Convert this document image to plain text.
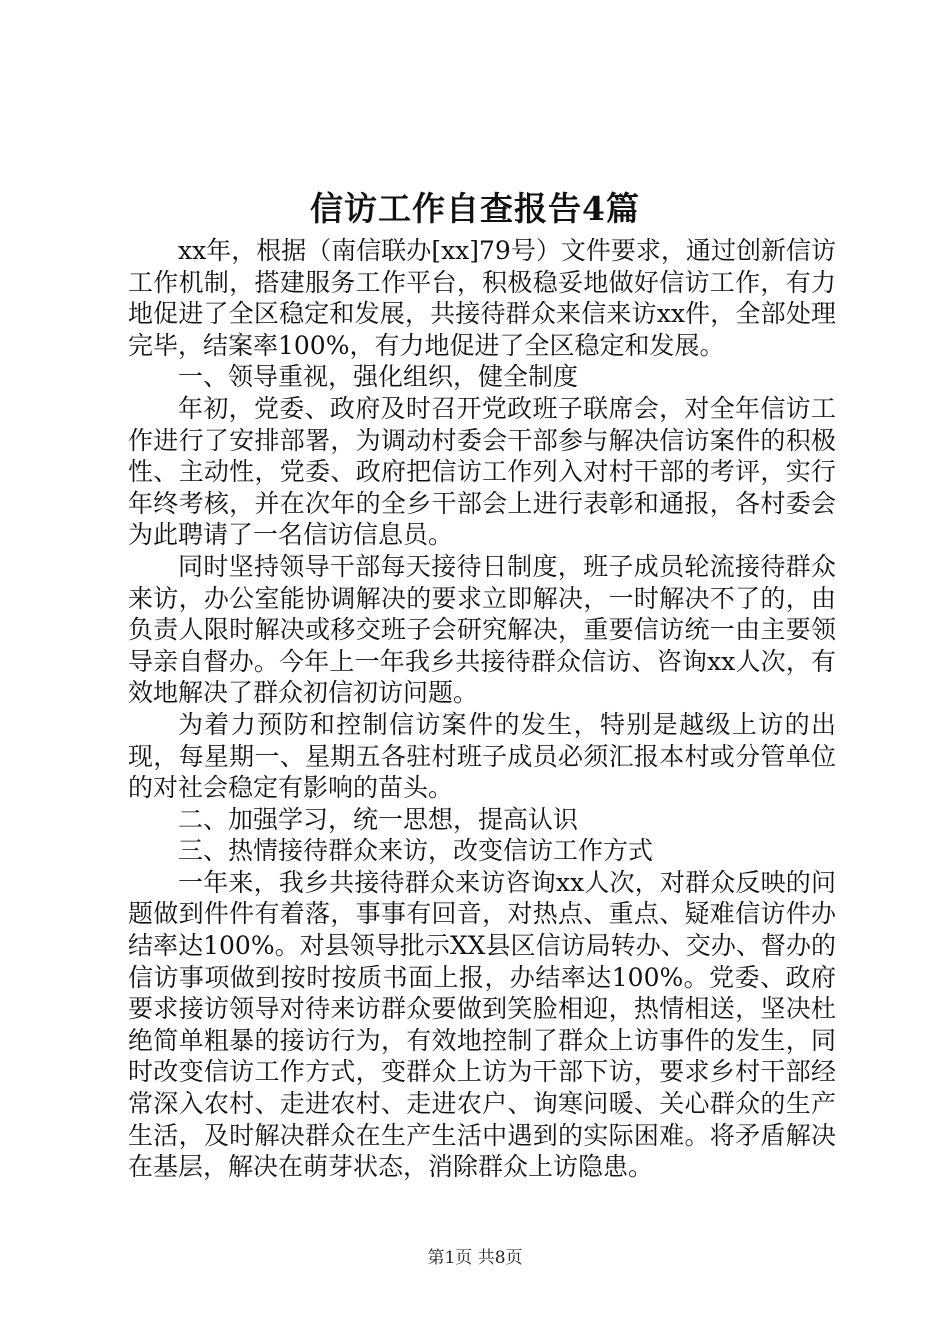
信访工作自查报告4篇

xx年，根据（南信联办[xx]79号）文件要求，通过创新信访工作机制，搭建服务工作平台，积极稳妥地做好信访工作，有力地促进了全区稳定和发展，共接待群众来信来访xx件，全部处理完毕，结案率100%，有力地促进了全区稳定和发展。

一、领导重视，强化组织，健全制度

年初，党委、政府及时召开党政班子联席会，对全年信访工作进行了安排部署，为调动村委会干部参与解决信访案件的积极性、主动性，党委、政府把信访工作列入对村干部的考评，实行年终考核，并在次年的全乡干部会上进行表彰和通报，各村委会为此聘请了一名信访信息员。

同时坚持领导干部每天接待日制度，班子成员轮流接待群众来访，办公室能协调解决的要求立即解决，一时解决不了的，由负责人限时解决或移交班子会研究解决，重要信访统一由主要领导亲自督办。今年上一年我乡共接待群众信访、咨询xx人次，有效地解决了群众初信初访问题。

为着力预防和控制信访案件的发生，特别是越级上访的出现，每星期一、星期五各驻村班子成员必须汇报本村或分管单位的对社会稳定有影响的苗头。

二、加强学习，统一思想，提高认识

三、热情接待群众来访，改变信访工作方式

一年来，我乡共接待群众来访咨询xx人次，对群众反映的问题做到件件有着落，事事有回音，对热点、重点、疑难信访件办结率达100%。对县领导批示XX县区信访局转办、交办、督办的信访事项做到按时按质书面上报，办结率达100%。党委、政府要求接访领导对待来访群众要做到笑脸相迎，热情相送，坚决杜绝简单粗暴的接访行为，有效地控制了群众上访事件的发生，同时改变信访工作方式，变群众上访为干部下访，要求乡村干部经常深入农村、走进农村、走进农户、询寒问暖、关心群众的生产生活，及时解决群众在生产生活中遇到的实际困难。将矛盾解决在基层，解决在萌芽状态，消除群众上访隐患。

第1页 共8页
